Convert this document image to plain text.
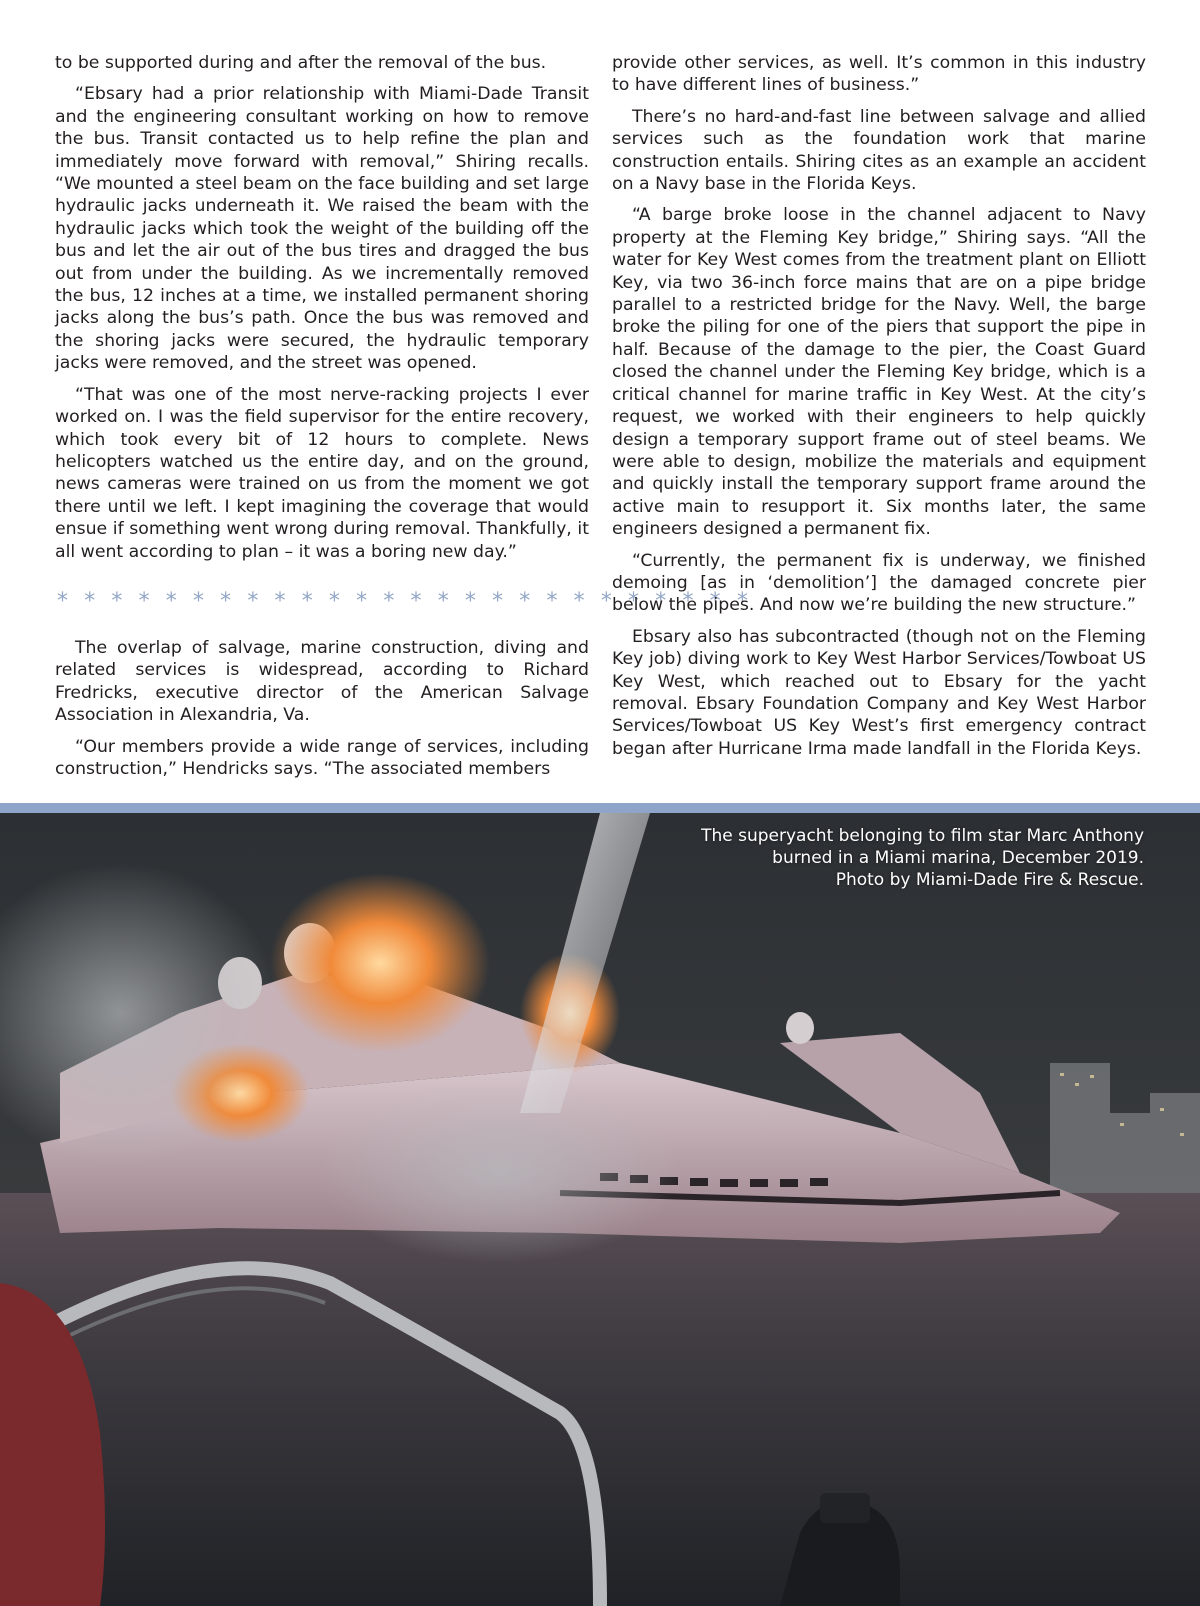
to be supported during and after the removal of the bus.

“Ebsary had a prior relationship with Miami-Dade Transit and the engineering consultant working on how to remove the bus. Transit contacted us to help refine the plan and immediately move forward with removal,” Shiring recalls. “We mounted a steel beam on the face building and set large hydraulic jacks underneath it. We raised the beam with the hydraulic jacks which took the weight of the building off the bus and let the air out of the bus tires and dragged the bus out from under the building. As we incrementally removed the bus, 12 inches at a time, we installed permanent shoring jacks along the bus’s path. Once the bus was removed and the shoring jacks were secured, the hydraulic temporary jacks were removed, and the street was opened.

“That was one of the most nerve-racking projects I ever worked on. I was the field supervisor for the entire recovery, which took every bit of 12 hours to complete. News helicopters watched us the entire day, and on the ground, news cameras were trained on us from the moment we got there until we left. I kept imagining the coverage that would ensue if something went wrong during removal. Thankfully, it all went according to plan – it was a boring new day.”

* * * * * * * * * * * * * * * * * * * * * * * * * *

The overlap of salvage, marine construction, diving and related services is widespread, according to Richard Fredricks, executive director of the American Salvage Association in Alexandria, Va.

“Our members provide a wide range of services, including construction,” Hendricks says. “The associated members

provide other services, as well. It’s common in this industry to have different lines of business.”

There’s no hard-and-fast line between salvage and allied services such as the foundation work that marine construction entails. Shiring cites as an example an accident on a Navy base in the Florida Keys.

“A barge broke loose in the channel adjacent to Navy property at the Fleming Key bridge,” Shiring says. “All the water for Key West comes from the treatment plant on Elliott Key, via two 36-inch force mains that are on a pipe bridge parallel to a restricted bridge for the Navy. Well, the barge broke the piling for one of the piers that support the pipe in half. Because of the damage to the pier, the Coast Guard closed the channel under the Fleming Key bridge, which is a critical channel for marine traffic in Key West. At the city’s request, we worked with their engineers to help quickly design a temporary support frame out of steel beams. We were able to design, mobilize the materials and equipment and quickly install the temporary support frame around the active main to resupport it. Six months later, the same engineers designed a permanent fix.

“Currently, the permanent fix is underway, we finished demoing [as in ‘demolition’] the damaged concrete pier below the pipes. And now we’re building the new structure.”

Ebsary also has subcontracted (though not on the Fleming Key job) diving work to Key West Harbor Services/Towboat US Key West, which reached out to Ebsary for the yacht removal. Ebsary Foundation Company and Key West Harbor Services/Towboat US Key West’s first emergency contract began after Hurricane Irma made landfall in the Florida Keys.

The superyacht belonging to film star Marc Anthony
burned in a Miami marina, December 2019.
Photo by Miami-Dade Fire & Rescue.
